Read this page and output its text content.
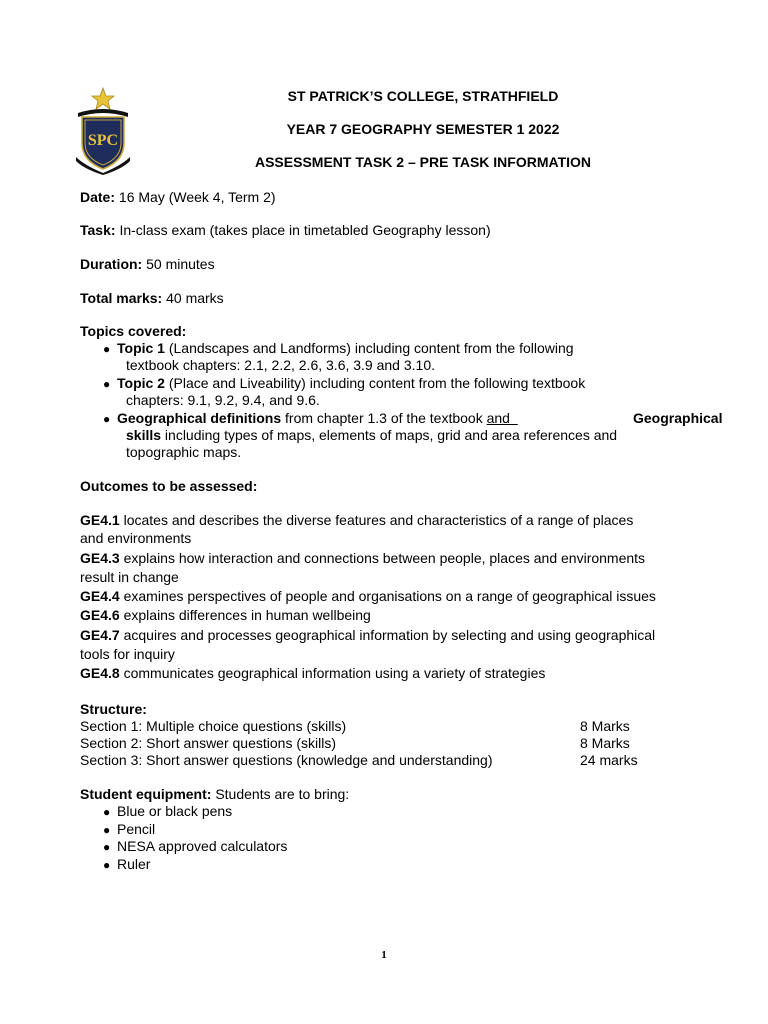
SPC
ST PATRICK’S COLLEGE, STRATHFIELD
YEAR 7 GEOGRAPHY SEMESTER 1 2022
ASSESSMENT TASK 2 – PRE TASK INFORMATION
Date: 16 May (Week 4, Term 2)
Task: In-class exam (takes place in timetabled Geography lesson)
Duration: 50 minutes
Total marks: 40 marks
Topics covered:
● Topic 1 (Landscapes and Landforms) including content from the following
textbook chapters: 2.1, 2.2, 2.6, 3.6, 3.9 and 3.10.
● Topic 2 (Place and Liveability) including content from the following textbook
chapters: 9.1, 9.2, 9.4, and 9.6.
● Geographical definitions from chapter 1.3 of the textbook and	Geographical
skills including types of maps, elements of maps, grid and area references and
topographic maps.
Outcomes to be assessed:
GE4.1 locates and describes the diverse features and characteristics of a range of places
and environments
GE4.3 explains how interaction and connections between people, places and environments
result in change
GE4.4 examines perspectives of people and organisations on a range of geographical issues
GE4.6 explains differences in human wellbeing
GE4.7 acquires and processes geographical information by selecting and using geographical
tools for inquiry
GE4.8 communicates geographical information using a variety of strategies
Structure:
Section 1: Multiple choice questions (skills)	8 Marks
Section 2: Short answer questions (skills)	8 Marks
Section 3: Short answer questions (knowledge and understanding)	24 marks
Student equipment: Students are to bring:
● Blue or black pens
● Pencil
● NESA approved calculators
● Ruler
1
